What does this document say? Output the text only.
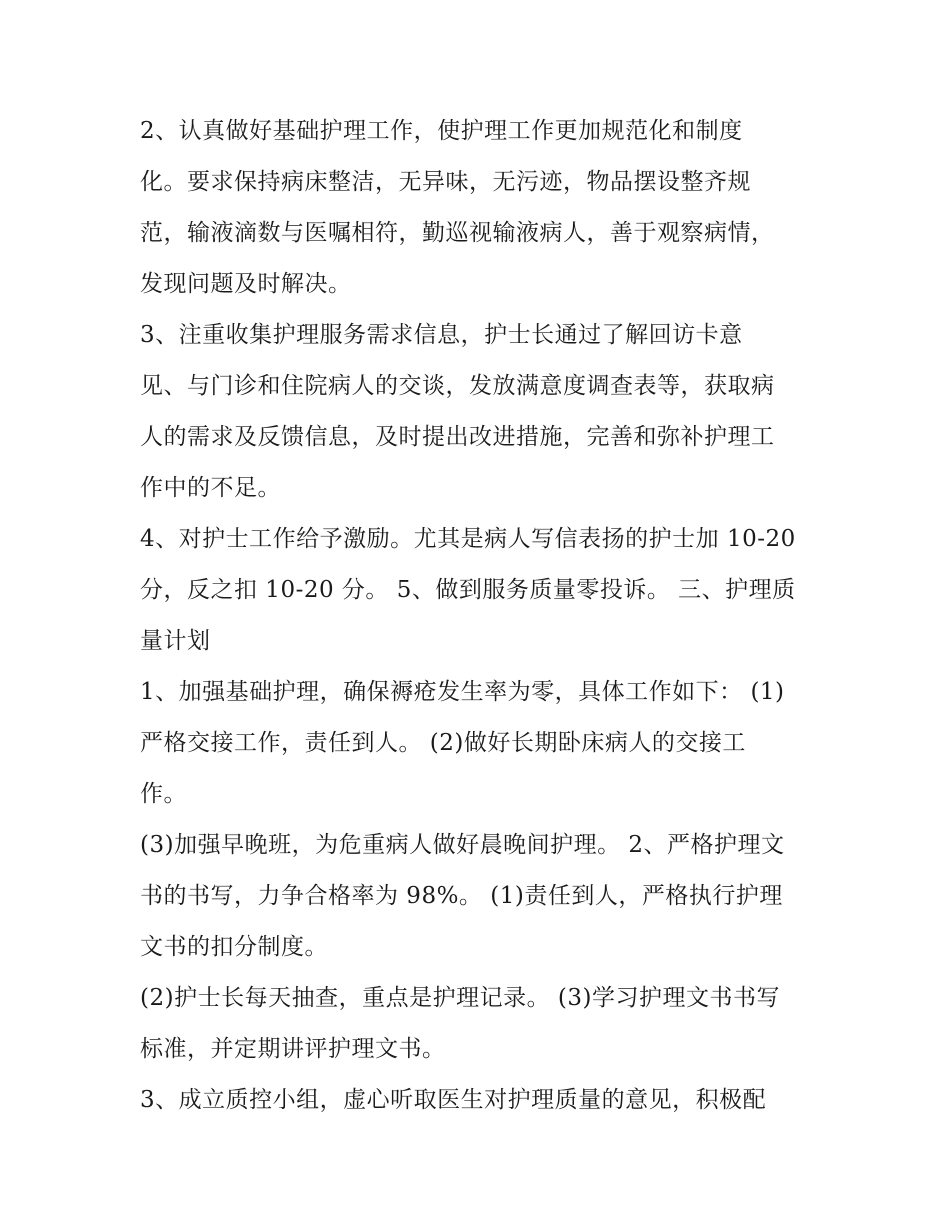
2、认真做好基础护理工作，使护理工作更加规范化和制度
化。要求保持病床整洁，无异味，无污迹，物品摆设整齐规
范，输液滴数与医嘱相符，勤巡视输液病人，善于观察病情，
发现问题及时解决。
3、注重收集护理服务需求信息，护士长通过了解回访卡意
见、与门诊和住院病人的交谈，发放满意度调查表等，获取病
人的需求及反馈信息，及时提出改进措施，完善和弥补护理工
作中的不足。
4、对护士工作给予激励。尤其是病人写信表扬的护士加 10-20
分，反之扣 10-20 分。 5、做到服务质量零投诉。 三、护理质
量计划
1、加强基础护理，确保褥疮发生率为零，具体工作如下： (1)
严格交接工作，责任到人。 (2)做好长期卧床病人的交接工
作。
(3)加强早晚班，为危重病人做好晨晚间护理。 2、严格护理文
书的书写，力争合格率为 98%。 (1)责任到人，严格执行护理
文书的扣分制度。
(2)护士长每天抽查，重点是护理记录。 (3)学习护理文书书写
标准，并定期讲评护理文书。
3、成立质控小组，虚心听取医生对护理质量的意见，积极配
